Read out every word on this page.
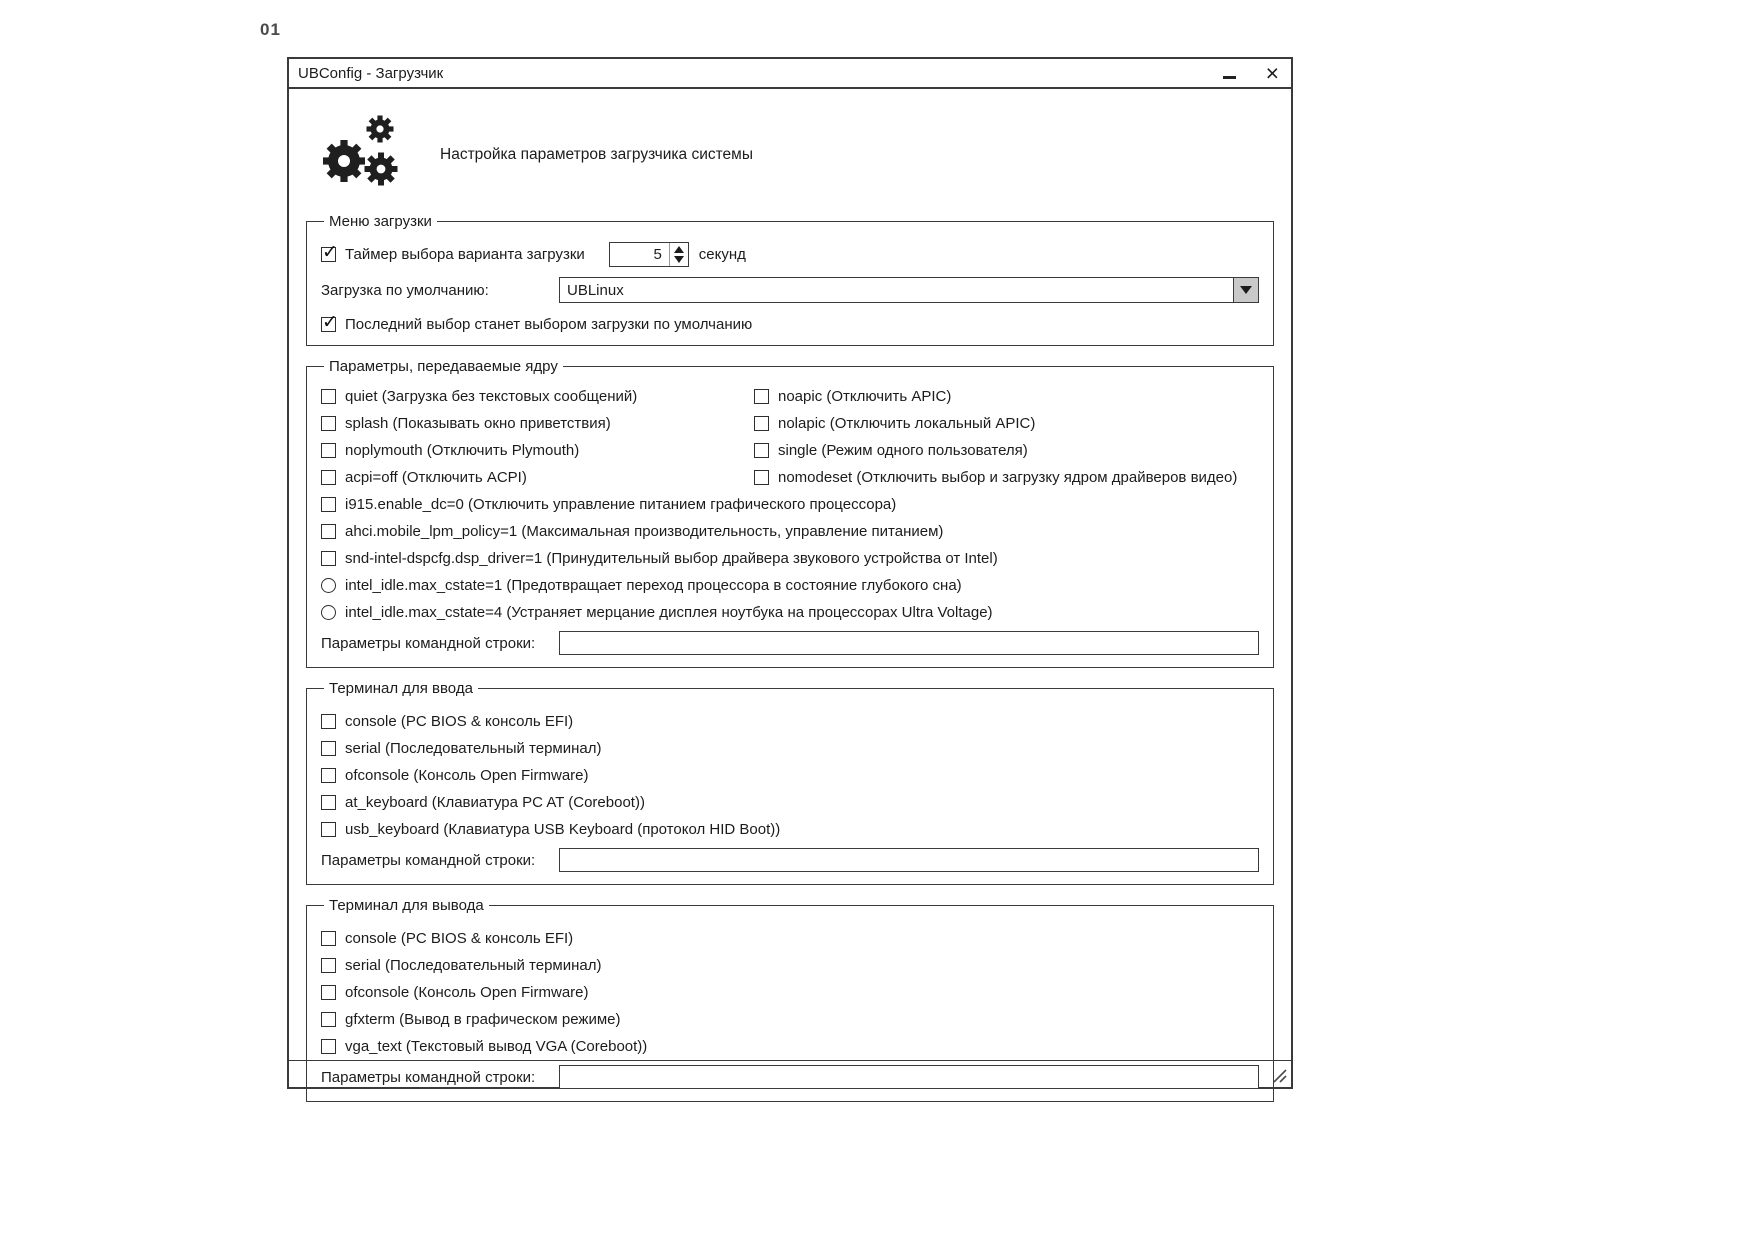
01
UBConfig - Загрузчик	×
Настройка параметров загрузчика системы
Меню загрузки
✓
Таймер выбора варианта загрузки	5	секунд
Загрузка по умолчанию:	UBLinux
✓
Последний выбор станет выбором загрузки по умолчанию
Параметры, передаваемые ядру
quiet (Загрузка без текстовых сообщений)	noapic (Отключить APIC)
splash (Показывать окно приветствия)	nolapic (Отключить локальный APIC)
noplymouth (Отключить Plymouth)	single (Режим одного пользователя)
acpi=off (Отключить ACPI)	nomodeset (Отключить выбор и загрузку ядром драйверов видео)
i915.enable_dc=0 (Отключить управление питанием графического процессора)
ahci.mobile_lpm_policy=1 (Максимальная производительность, управление питанием)
snd-intel-dspcfg.dsp_driver=1 (Принудительный выбор драйвера звукового устройства от Intel)
intel_idle.max_cstate=1 (Предотвращает переход процессора в состояние глубокого сна)
intel_idle.max_cstate=4 (Устраняет мерцание дисплея ноутбука на процессорах Ultra Voltage)
Параметры командной строки:
Терминал для ввода
console (PC BIOS & консоль EFI)
serial (Последовательный терминал)
ofconsole (Консоль Open Firmware)
at_keyboard (Клавиатура PC AT (Coreboot))
usb_keyboard (Клавиатура USB Keyboard (протокол HID Boot))
Параметры командной строки:
Терминал для вывода
console (PC BIOS & консоль EFI)
serial (Последовательный терминал)
ofconsole (Консоль Open Firmware)
gfxterm (Вывод в графическом режиме)
vga_text (Текстовый вывод VGA (Coreboot))
Параметры командной строки:
